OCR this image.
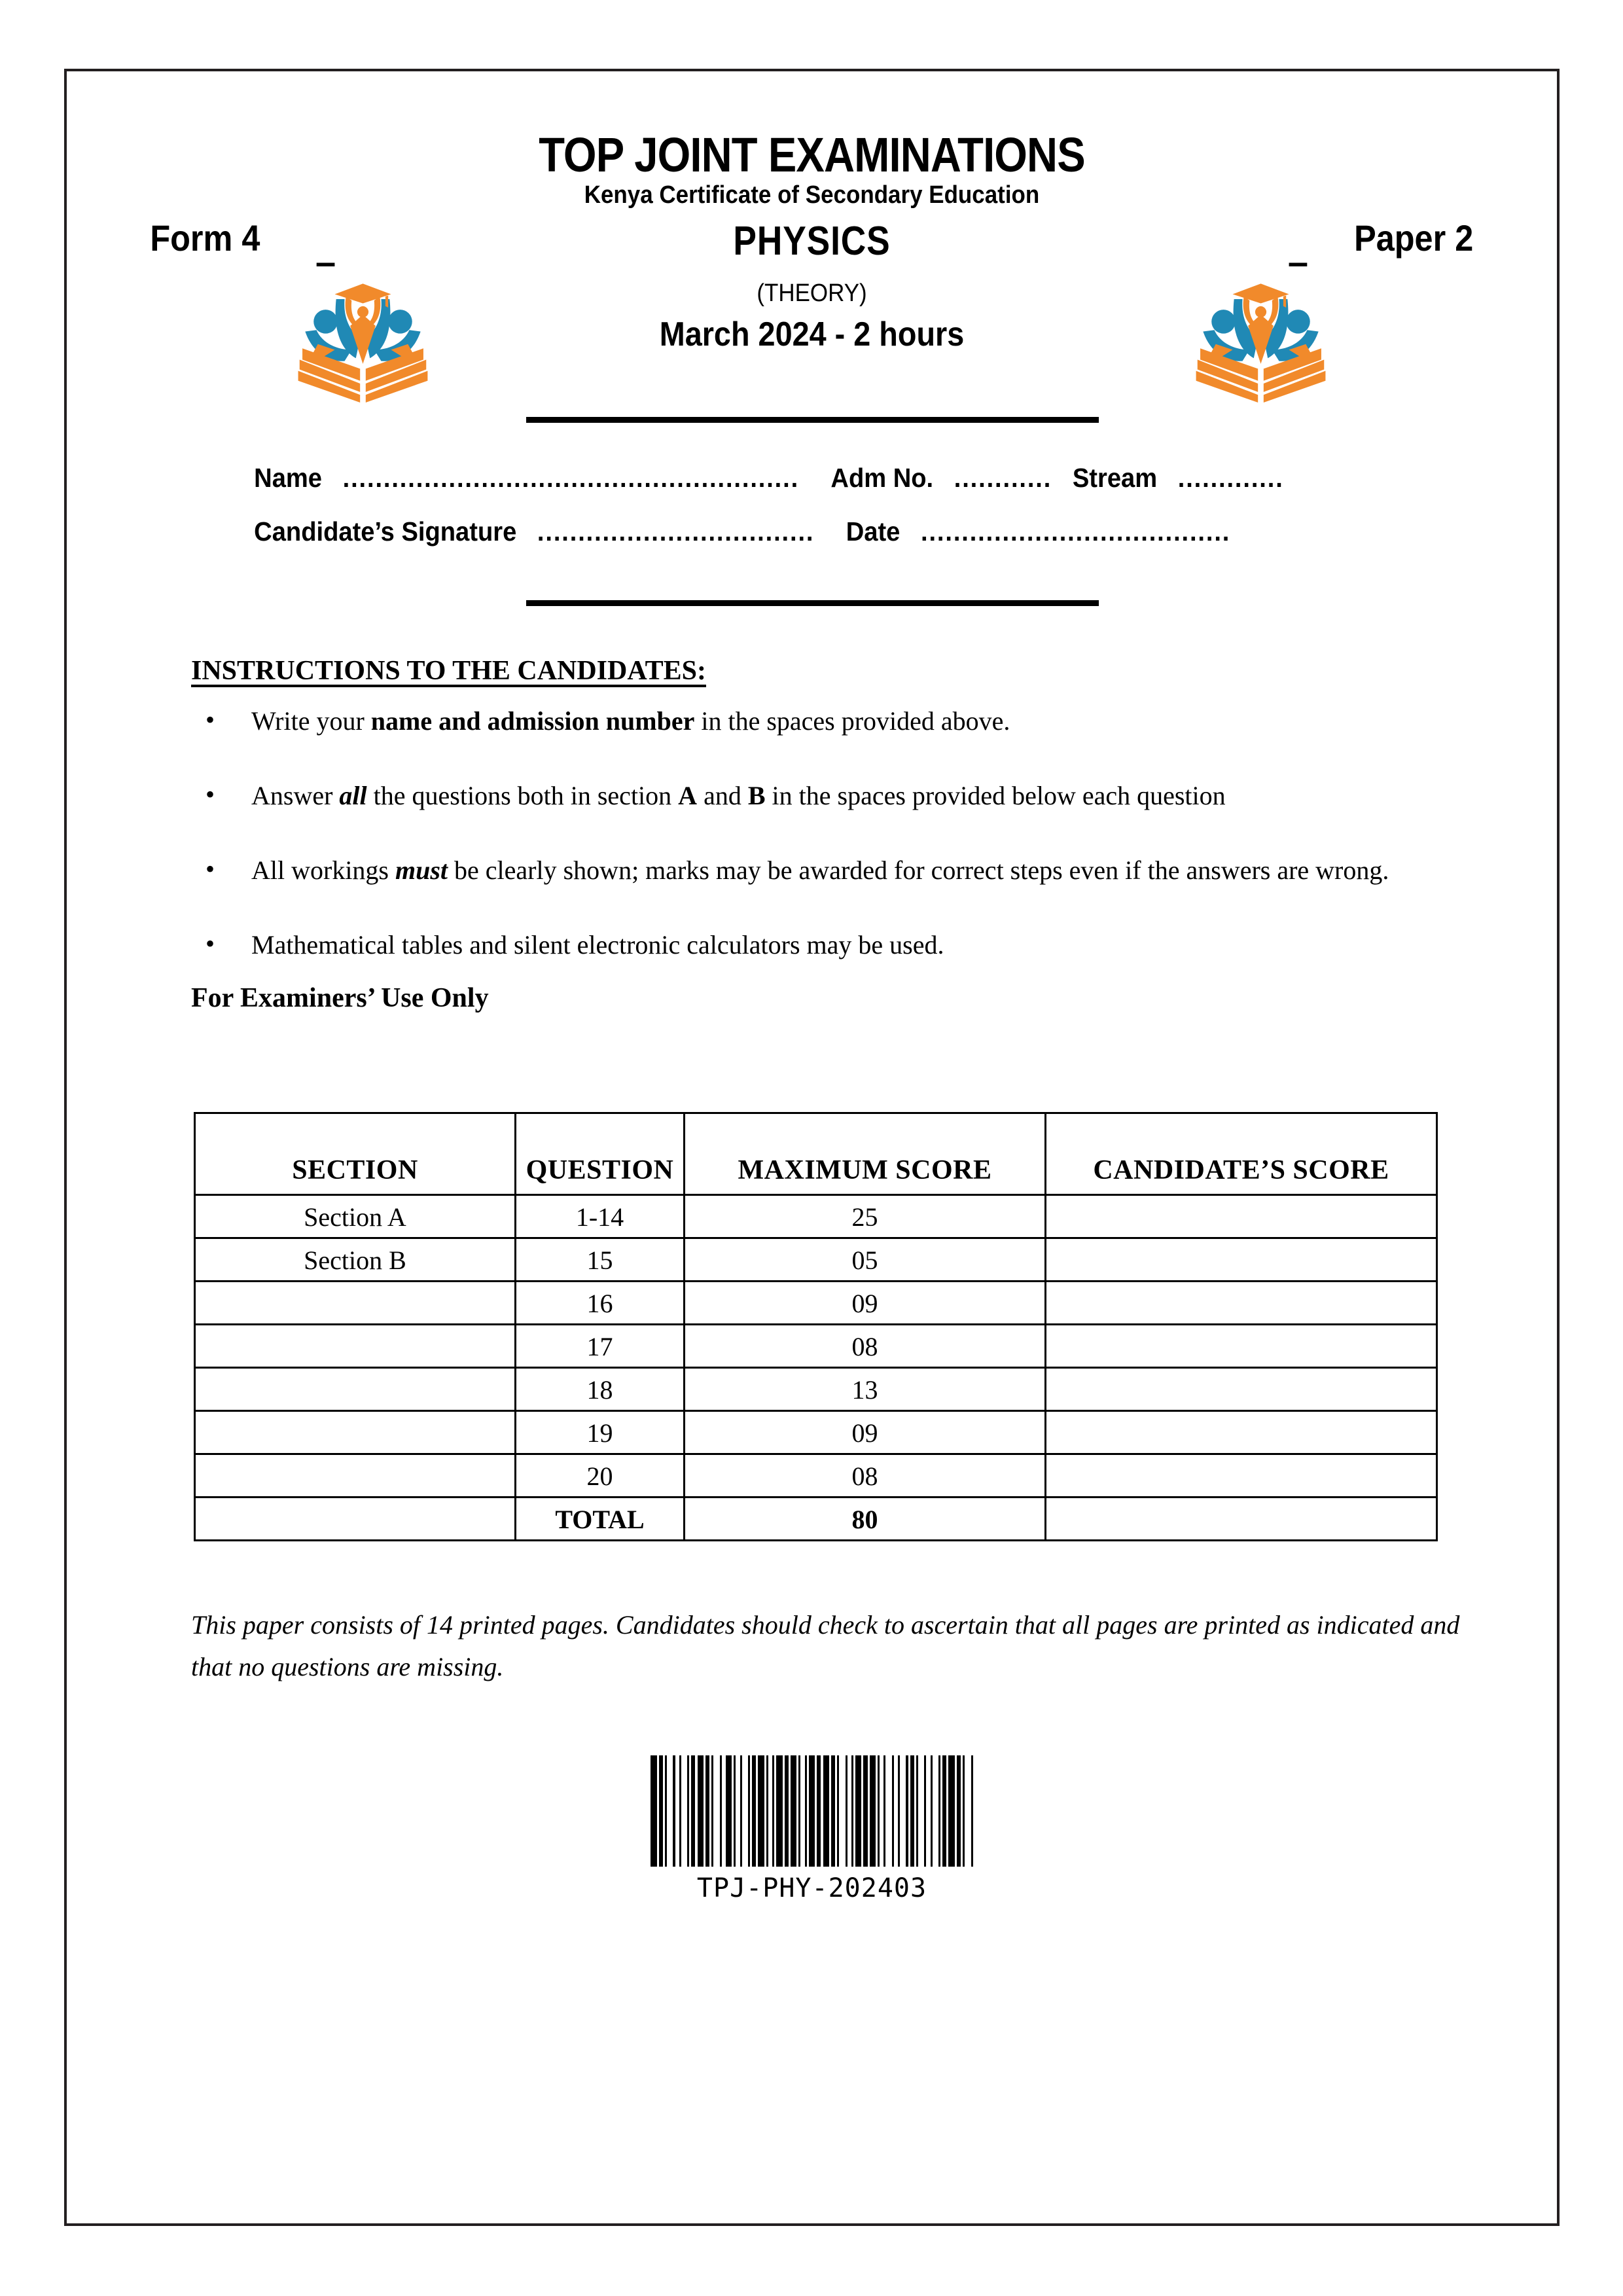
TOP JOINT EXAMINATIONS
Kenya Certificate of Secondary Education
Form 4
–	PHYSICS	–
Paper 2
(THEORY)
March 2024 - 2 hours
Name ........................................................ Adm No. ............ Stream .............
Candidate’s Signature .................................. Date ......................................
INSTRUCTIONS TO THE CANDIDATES:
• Write your name and admission number in the spaces provided above.
• Answer all the questions both in section A and B in the spaces provided below each question
• All workings must be clearly shown; marks may be awarded for correct steps even if the answers are wrong.
• Mathematical tables and silent electronic calculators may be used.
For Examiners’ Use Only
SECTION	QUESTION	MAXIMUM SCORE	CANDIDATE’S SCORE
Section A	1-14	25	
Section B	15	05	
	16	09	
	17	08	
	18	13	
	19	09	
	20	08	
	TOTAL	80	
This paper consists of 14 printed pages. Candidates should check to ascertain that all pages are printed as indicated and that no questions are missing.
TPJ-PHY-202403
